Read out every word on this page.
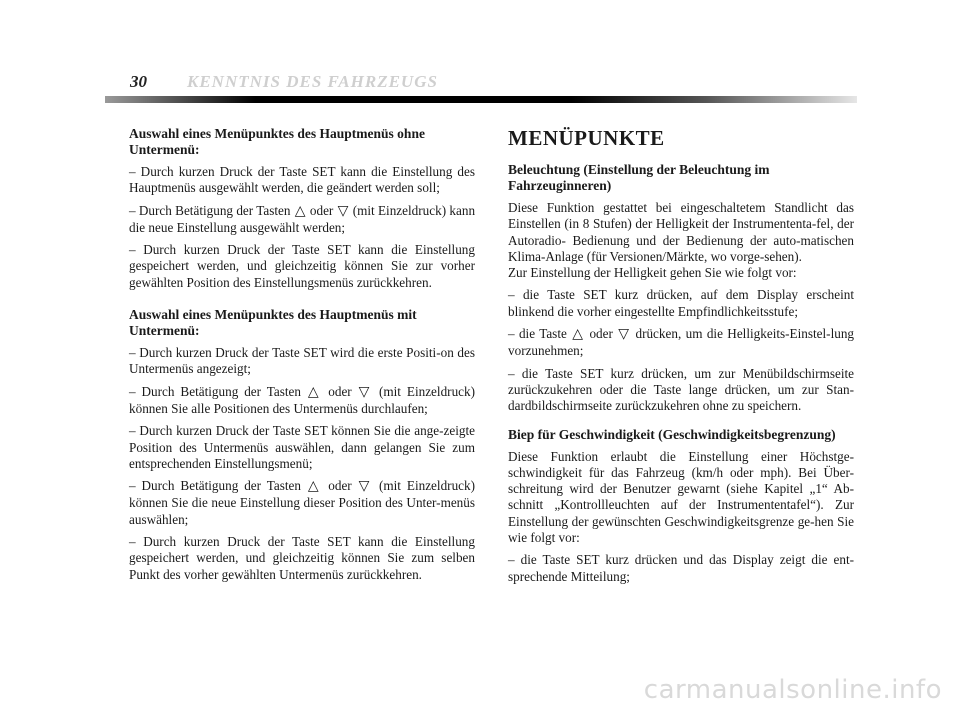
30 KENNTNIS DES FAHRZEUGS
Auswahl eines Menüpunktes des Hauptmenüs ohne Untermenü:

– Durch kurzen Druck der Taste SET kann die Einstellung des Hauptmenüs ausgewählt werden, die geändert werden soll;

– Durch Betätigung der Tasten △ oder ▽ (mit Einzeldruck) kann die neue Einstellung ausgewählt werden;

– Durch kurzen Druck der Taste SET kann die Einstellung gespeichert werden, und gleichzeitig können Sie zur vorher gewählten Position des Einstellungsmenüs zurückkehren.

Auswahl eines Menüpunktes des Hauptmenüs mit Untermenü:

– Durch kurzen Druck der Taste SET wird die erste Positi-on des Untermenüs angezeigt;

– Durch Betätigung der Tasten △ oder ▽ (mit Einzeldruck) können Sie alle Positionen des Untermenüs durchlaufen;

– Durch kurzen Druck der Taste SET können Sie die ange-zeigte Position des Untermenüs auswählen, dann gelangen Sie zum entsprechenden Einstellungsmenü;

– Durch Betätigung der Tasten △ oder ▽ (mit Einzeldruck) können Sie die neue Einstellung dieser Position des Unter-menüs auswählen;

– Durch kurzen Druck der Taste SET kann die Einstellung gespeichert werden, und gleichzeitig können Sie zum selben Punkt des vorher gewählten Untermenüs zurückkehren.

MENÜPUNKTE
Beleuchtung (Einstellung der Beleuchtung im Fahrzeuginneren)

Diese Funktion gestattet bei eingeschaltetem Standlicht das Einstellen (in 8 Stufen) der Helligkeit der Instrumententa-fel, der Autoradio- Bedienung und der Bedienung der auto-matischen Klima-Anlage (für Versionen/Märkte, wo vorge-sehen).

Zur Einstellung der Helligkeit gehen Sie wie folgt vor:

– die Taste SET kurz drücken, auf dem Display erscheint blinkend die vorher eingestellte Empfindlichkeitsstufe;

– die Taste △ oder ▽ drücken, um die Helligkeits-Einstel-lung vorzunehmen;

– die Taste SET kurz drücken, um zur Menübildschirmseite zurückzukehren oder die Taste lange drücken, um zur Stan-dardbildschirmseite zurückzukehren ohne zu speichern.

Biep für Geschwindigkeit (Geschwindigkeitsbegrenzung)

Diese Funktion erlaubt die Einstellung einer Höchstge-schwindigkeit für das Fahrzeug (km/h oder mph). Bei Über-schreitung wird der Benutzer gewarnt (siehe Kapitel „1“ Ab-schnitt „Kontrollleuchten auf der Instrumententafel“). Zur Einstellung der gewünschten Geschwindigkeitsgrenze ge-hen Sie wie folgt vor:

– die Taste SET kurz drücken und das Display zeigt die ent-sprechende Mitteilung;

carmanualsonline.info
